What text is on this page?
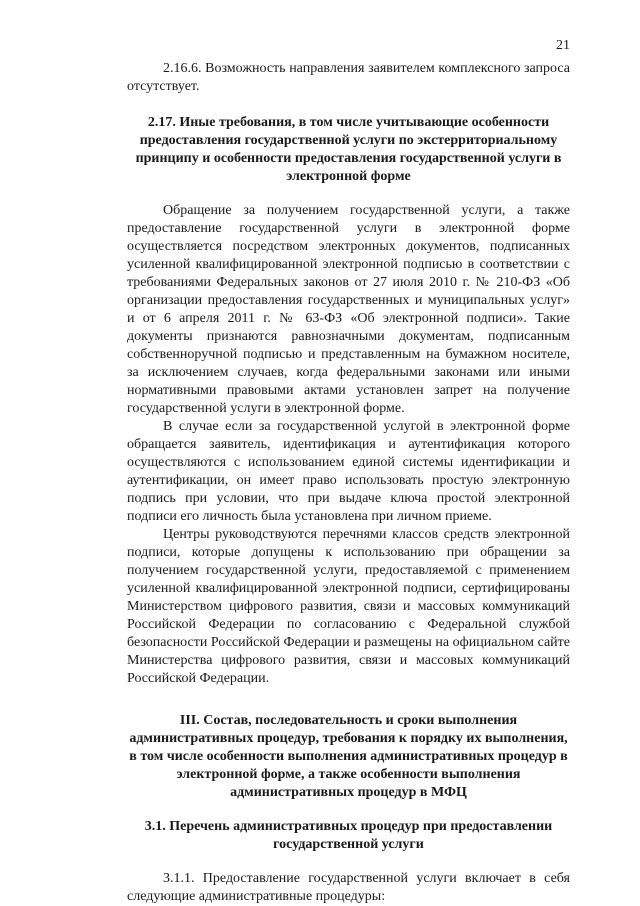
21

2.16.6. Возможность направления заявителем комплексного запроса отсутствует.

2.17. Иные требования, в том числе учитывающие особенности предоставления государственной услуги по экстерриториальному принципу и особенности предоставления государственной услуги в электронной форме

Обращение за получением государственной услуги, а также предоставление государственной услуги в электронной форме осуществляется посредством электронных документов, подписанных усиленной квалифицированной электронной подписью в соответствии с требованиями Федеральных законов от 27 июля 2010 г. № 210-ФЗ «Об организации предоставления государственных и муниципальных услуг» и от 6 апреля 2011 г. № 63-ФЗ «Об электронной подписи». Такие документы признаются равнозначными документам, подписанным собственноручной подписью и представленным на бумажном носителе, за исключением случаев, когда федеральными законами или иными нормативными правовыми актами установлен запрет на получение государственной услуги в электронной форме.

В случае если за государственной услугой в электронной форме обращается заявитель, идентификация и аутентификация которого осуществляются с использованием единой системы идентификации и аутентификации, он имеет право использовать простую электронную подпись при условии, что при выдаче ключа простой электронной подписи его личность была установлена при личном приеме.

Центры руководствуются перечнями классов средств электронной подписи, которые допущены к использованию при обращении за получением государственной услуги, предоставляемой с применением усиленной квалифицированной электронной подписи, сертифицированы Министерством цифрового развития, связи и массовых коммуникаций Российской Федерации по согласованию с Федеральной службой безопасности Российской Федерации и размещены на официальном сайте Министерства цифрового развития, связи и массовых коммуникаций Российской Федерации.

III. Состав, последовательность и сроки выполнения административных процедур, требования к порядку их выполнения, в том числе особенности выполнения административных процедур в электронной форме, а также особенности выполнения административных процедур в МФЦ
3.1. Перечень административных процедур при предоставлении государственной услуги

3.1.1. Предоставление государственной услуги включает в себя следующие административные процедуры:
